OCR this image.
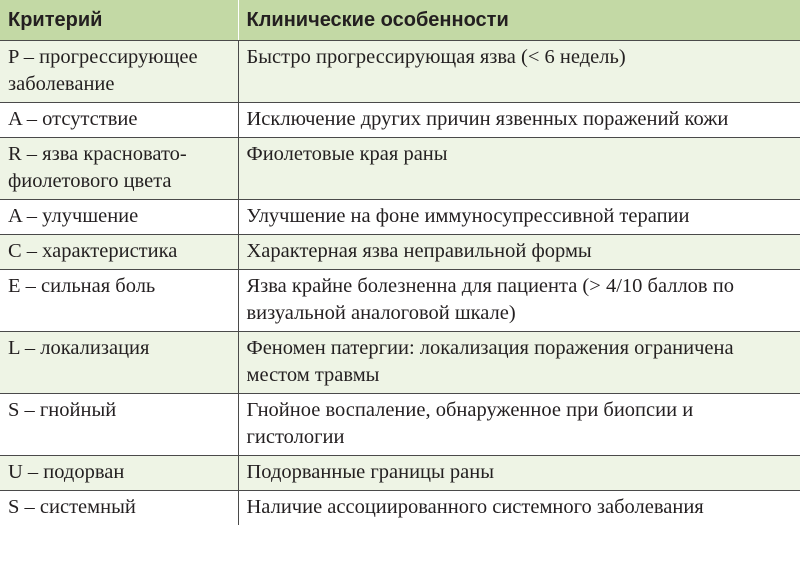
Критерий	Клинические особенности
P – прогрессирующее заболевание	Быстро прогрессирующая язва (< 6 недель)
A – отсутствие	Исключение других причин язвенных поражений кожи
R – язва красновато-фиолетового цвета	Фиолетовые края раны
A – улучшение	Улучшение на фоне иммуносупрессивной терапии
C – характеристика	Характерная язва неправильной формы
E – сильная боль	Язва крайне болезненна для пациента (> 4/10 баллов по визуальной аналоговой шкале)
L – локализация	Феномен патергии: локализация поражения ограничена местом травмы
S – гнойный	Гнойное воспаление, обнаруженное при биопсии и гистологии
U – подорван	Подорванные границы раны
S – системный	Наличие ассоциированного системного заболевания
